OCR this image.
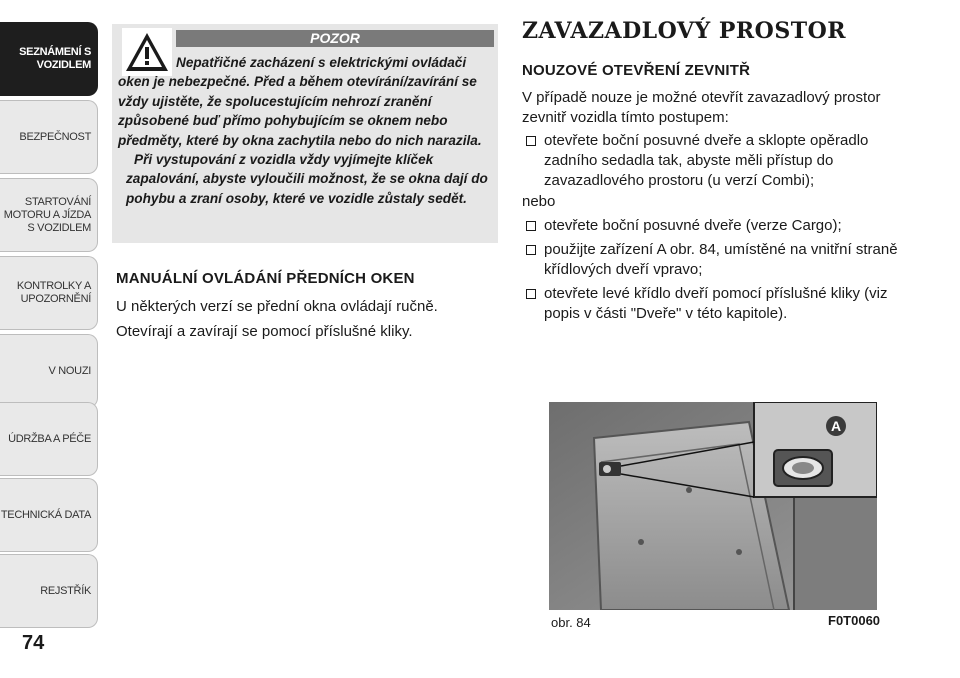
SEZNÁMENÍ S VOZIDLEM
BEZPEČNOST
STARTOVÁNÍ MOTORU A JÍZDA S VOZIDLEM
KONTROLKY A UPOZORNĚNÍ
V NOUZI
ÚDRŽBA A PÉČE
TECHNICKÁ DATA
REJSTŘÍK
74
POZOR

Nepatřičné zacházení s elektrickými ovládači oken je nebezpečné. Před a během otevírání/zavírání se vždy ujistěte, že spolucestujícím nehrozí zranění způsobené buď přímo pohybujícím se oknem nebo předměty, které by okna zachytila nebo do nich narazila.

Při vystupování z vozidla vždy vyjímejte klíček zapalování, abyste vyloučili možnost, že se okna dají do pohybu a zraní osoby, které ve vozidle zůstaly sedět.

MANUÁLNÍ OVLÁDÁNÍ PŘEDNÍCH OKEN
U některých verzí se přední okna ovládají ručně.
Otevírají a zavírají se pomocí příslušné kliky.
ZAVAZADLOVÝ PROSTOR
NOUZOVÉ OTEVŘENÍ ZEVNITŘ
V případě nouze je možné otevřít zavazadlový prostor zevnitř vozidla tímto postupem:
otevřete boční posuvné dveře a sklopte opěradlo zadního sedadla tak, abyste měli přístup do zavazadlového prostoru (u verzí Combi);
nebo
otevřete boční posuvné dveře (verze Cargo);
použijte zařízení A obr. 84, umístěné na vnitřní straně křídlových dveří vpravo;
otevřete levé křídlo dveří pomocí příslušné kliky (viz popis v části "Dveře" v této kapitole).
A
obr. 84	F0T0060
